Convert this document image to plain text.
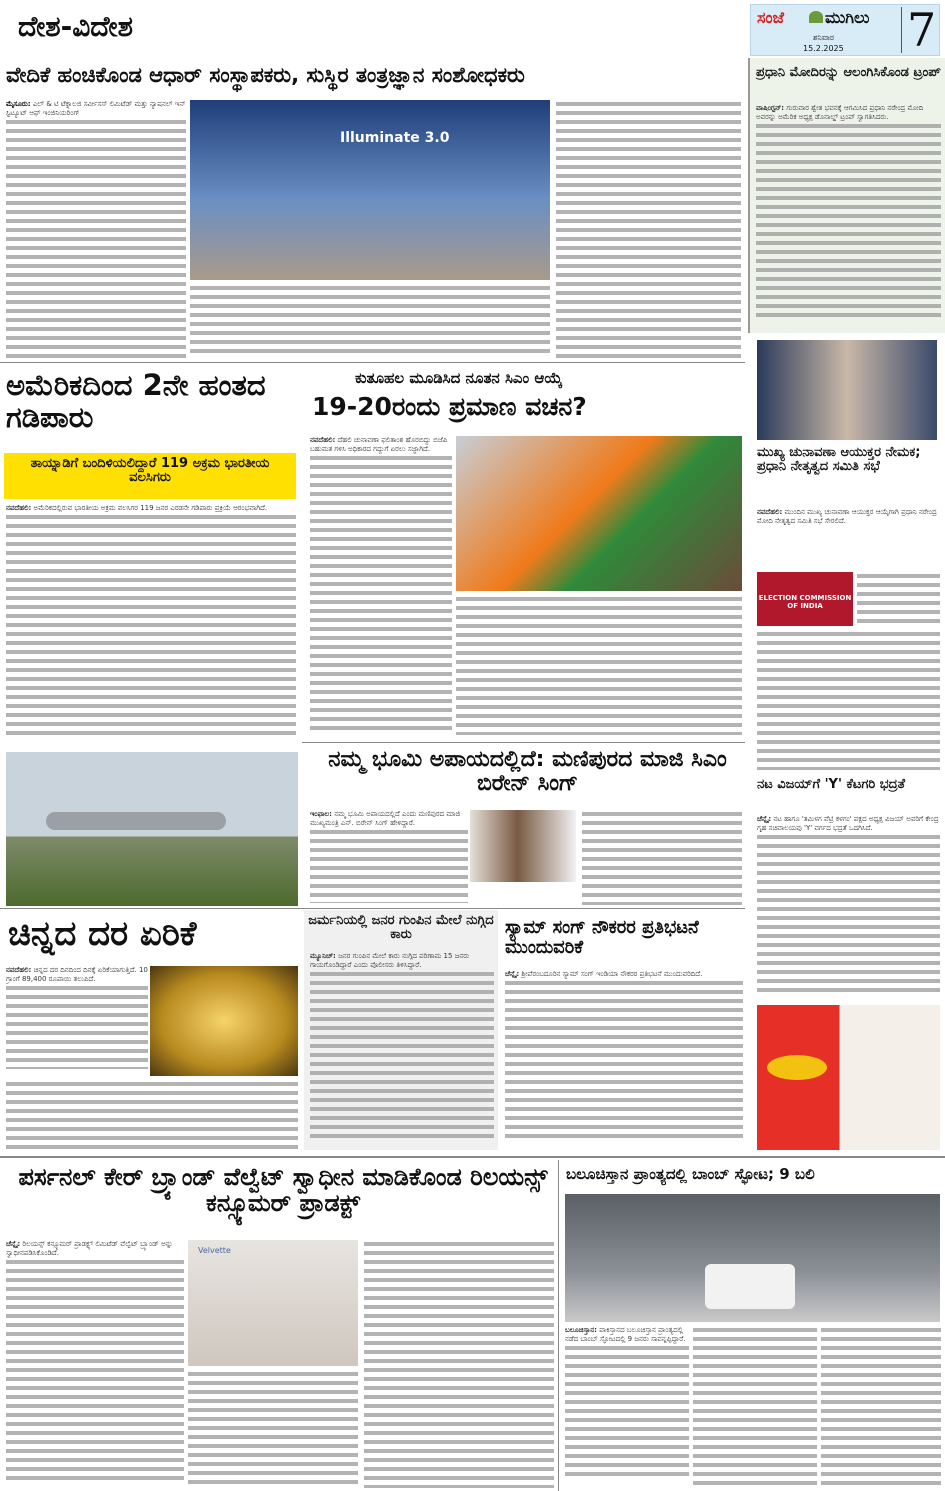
ದೇಶ-ವಿದೇಶ	ಸಂಜೆ	ಮುಗಿಲು
ಶನಿವಾರ
15.2.2025 7
ವೇದಿಕೆ ಹಂಚಿಕೊಂಡ ಆಧಾರ್ ಸಂಸ್ಥಾಪಕರು, ಸುಸ್ಥಿರ ತಂತ್ರಜ್ಞಾನ ಸಂಶೋಧಕರು
ಮೈಸೂರು: ಎಲ್ & ಟಿ ಟೆಕ್ನಾಲಜಿ ಸರ್ವೀಸಸ್ ಲಿಮಿಟೆಡ್ ಮತ್ತು ನ್ಯಾಷನಲ್ ಇನ್ ಸ್ಟಿಟ್ಯೂಟ್ ಆಫ್ ಇಂಜಿನಿಯರಿಂಗ್
Illuminate 3.0
ಪ್ರಧಾನಿ ಮೋದಿರನ್ನು ಆಲಂಗಿಸಿಕೊಂಡ ಟ್ರಂಪ್
ವಾಷಿಂಗ್ಟನ್: ಗುರುವಾರ ಶ್ವೇತ ಭವನಕ್ಕೆ ಆಗಮಿಸಿದ ಪ್ರಧಾನಿ ನರೇಂದ್ರ ಮೋದಿ ಅವರನ್ನು ಅಮೆರಿಕ ಅಧ್ಯಕ್ಷ ಡೊನಾಲ್ಡ್ ಟ್ರಂಪ್ ಸ್ವಾಗತಿಸಿದರು.
ಮುಖ್ಯ ಚುನಾವಣಾ ಆಯುಕ್ತರ ನೇಮಕ; ಪ್ರಧಾನಿ ನೇತೃತ್ವದ ಸಮಿತಿ ಸಭೆ
ನವದೆಹಲಿ: ಮುಂದಿನ ಮುಖ್ಯ ಚುನಾವಣಾ ಆಯುಕ್ತರ ಆಯ್ಕೆಗಾಗಿ ಪ್ರಧಾನಿ ನರೇಂದ್ರ ಮೋದಿ ನೇತೃತ್ವದ ಸಮಿತಿ ಸಭೆ ಸೇರಲಿದೆ.
ELECTION COMMISSION OF INDIA
ನಟ ವಿಜಯ್‌ಗೆ 'Y' ಕೆಟಗರಿ ಭದ್ರತೆ
ಚೆನ್ನೈ: ನಟ ಹಾಗೂ 'ತಮಿಳಗ ವೆಟ್ರಿ ಕಳಗಂ' ಪಕ್ಷದ ಅಧ್ಯಕ್ಷ ವಿಜಯ್ ಅವರಿಗೆ ಕೇಂದ್ರ ಗೃಹ ಸಚಿವಾಲಯವು 'Y' ವರ್ಗದ ಭದ್ರತೆ ಒದಗಿಸಿದೆ.
ಅಮೆರಿಕದಿಂದ 2ನೇ ಹಂತದ ಗಡಿಪಾರು
ತಾಯ್ನಾಡಿಗೆ ಬಂದಿಳಿಯಲಿದ್ದಾರೆ 119 ಅಕ್ರಮ ಭಾರತೀಯ ವಲಸಿಗರು
ನವದೆಹಲಿ: ಅಮೆರಿಕದಲ್ಲಿರುವ ಭಾರತೀಯ ಅಕ್ರಮ ವಲಸಿಗರ 119 ಜನರ ಎರಡನೇ ಗಡಿಪಾರು ಪ್ರಕ್ರಿಯೆ ಆರಂಭವಾಗಿದೆ.
ಕುತೂಹಲ ಮೂಡಿಸಿದ ನೂತನ ಸಿಎಂ ಆಯ್ಕೆ
19-20ರಂದು ಪ್ರಮಾಣ ವಚನ?
ನವದೆಹಲಿ: ದೆಹಲಿ ಚುನಾವಣಾ ಫಲಿತಾಂಶ ಹೊರಬಿದ್ದು ಬಿಜೆಪಿ ಬಹುಮತ ಗಳಿಸಿ ಅಧಿಕಾರದ ಗದ್ದುಗೆ ಏರಲು ಸಜ್ಜಾಗಿದೆ.
ನಮ್ಮ ಭೂಮಿ ಅಪಾಯದಲ್ಲಿದೆ: ಮಣಿಪುರದ ಮಾಜಿ ಸಿಎಂ ಬಿರೇನ್ ಸಿಂಗ್
ಇಂಫಾಲ: ನಮ್ಮ ಭೂಮಿ ಅಪಾಯದಲ್ಲಿದೆ ಎಂದು ಮಣಿಪುರದ ಮಾಜಿ ಮುಖ್ಯಮಂತ್ರಿ ಎನ್. ಬಿರೇನ್ ಸಿಂಗ್ ಹೇಳಿದ್ದಾರೆ.
ಚಿನ್ನದ ದರ ಏರಿಕೆ
ನವದೆಹಲಿ: ಚಿನ್ನದ ದರ ದಿನದಿಂದ ದಿನಕ್ಕೆ ಏರಿಕೆಯಾಗುತ್ತಿದೆ. 10 ಗ್ರಾಂಗೆ 89,400 ರೂಪಾಯಿ ತಲುಪಿದೆ.
ಜರ್ಮನಿಯಲ್ಲಿ ಜನರ ಗುಂಪಿನ ಮೇಲೆ ನುಗ್ಗಿದ ಕಾರು
ಮ್ಯೂನಿಚ್: ಜನರ ಗುಂಪಿನ ಮೇಲೆ ಕಾರು ನುಗ್ಗಿದ ಪರಿಣಾಮ 15 ಜನರು ಗಾಯಗೊಂಡಿದ್ದಾರೆ ಎಂದು ಪೊಲೀಸರು ತಿಳಿಸಿದ್ದಾರೆ.
ಸ್ಯಾಮ್ ಸಂಗ್ ನೌಕರರ ಪ್ರತಿಭಟನೆ ಮುಂದುವರಿಕೆ
ಚೆನ್ನೈ: ಶ್ರೀಪೆರಂಬದೂರಿನ ಸ್ಯಾಮ್ ಸಂಗ್ ಇಂಡಿಯಾ ನೌಕರರ ಪ್ರತಿಭಟನೆ ಮುಂದುವರಿದಿದೆ.
ಪರ್ಸನಲ್ ಕೇರ್ ಬ್ರ್ಯಾಂಡ್ ವೆಲ್ವೆಟ್ ಸ್ವಾಧೀನ ಮಾಡಿಕೊಂಡ ರಿಲಯನ್ಸ್ ಕನ್ಸ್ಯೂಮರ್ ಪ್ರಾಡಕ್ಟ್
ಚೆನ್ನೈ: ರಿಲಯನ್ಸ್ ಕನ್ಸ್ಯೂಮರ್ ಪ್ರಾಡಕ್ಟ್ಸ್ ಲಿಮಿಟೆಡ್ ವೆಲ್ವೆಟ್ ಬ್ರ್ಯಾಂಡ್ ಅನ್ನು ಸ್ವಾಧೀನಪಡಿಸಿಕೊಂಡಿದೆ.	Velvette
ಬಲೂಚಿಸ್ತಾನ ಪ್ರಾಂತ್ಯದಲ್ಲಿ ಬಾಂಬ್ ಸ್ಫೋಟ; 9 ಬಲಿ
ಬಲೂಚಿಸ್ತಾನ: ಪಾಕಿಸ್ತಾನದ ಬಲೂಚಿಸ್ತಾನ ಪ್ರಾಂತ್ಯದಲ್ಲಿ ನಡೆದ ಬಾಂಬ್ ಸ್ಫೋಟದಲ್ಲಿ 9 ಜನರು ಸಾವನ್ನಪ್ಪಿದ್ದಾರೆ.
